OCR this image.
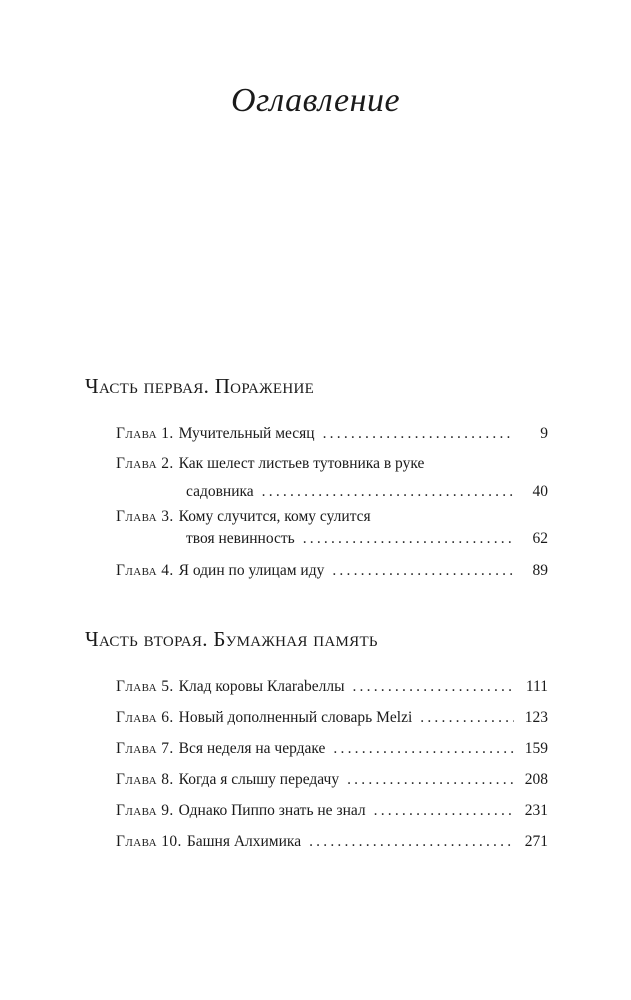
Оглавление
Часть первая. Поражение
Глава 1. Мучительный месяц .....	9
Глава 2. Как шелест листьев тутовника в руке
садовника .....	40
Глава 3. Кому случится, кому сулится
твоя невинность .....	62
Глава 4. Я один по улицам иду .....	89
Часть вторая. Бумажная память
Глава 5. Клад коровы Клarabeллы .....	111
Глава 6. Новый дополненный словарь Melzi .....	123
Глава 7. Вся неделя на чердаке .....	159
Глава 8. Когда я слышу передачу .....	208
Глава 9. Однако Пиппо знать не знал .....	231
Глава 10. Башня Алхимика .....	271
